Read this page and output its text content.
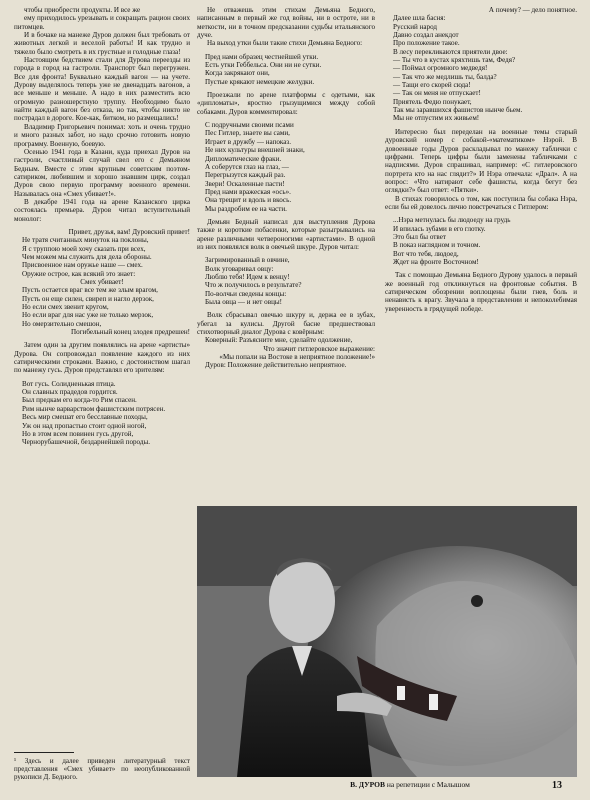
чтобы приобрести продукты. И все же

ему приходилось урезывать и сокращать рацион своих питомцев.

И в бочаке на манеже Дуров должен был требовать от животных легкой и веселой работы! И как трудно и тяжело было смотреть в их грустные и голодные глаза!

Настоящим бедствием стали для Дурова переезды из города в город на гастроли. Транспорт был перегружен. Все для фронта! Буквально каждый вагон — на учете. Дурову выделялось теперь уже не двенадцать вагонов, а все меньше и меньше. А надо в них разместить всю огромную разношерстную труппу. Необходимо было найти каждый вагон без отказа, но так, чтобы никто не пострадал в дороге. Кое-как, битком, но размещались!

Владимир Григорьевич понимал: хоть и очень трудно и много разных забот, но надо срочно готовить новую программу. Военную, боевую.

Осенью 1941 года в Казани, куда приехал Дуров на гастроли, счастливый случай свел его с Демьяном Бедным. Вместе с этим крупным советским поэтом-сатириком, любившим и хорошо знавшим цирк, создал Дуров свою первую программу военного времени. Называлась она «Смех убивает!».

В декабре 1941 года на арене Казанского цирка состоялась премьера. Дуров читал вступительный монолог:

Привет, друзья, вам! Дуровский привет!
Не тратя считанных минуток на поклоны,
Я с труппою моей хочу сказать при всех,
Чем можем мы служить для дела обороны.
Присвоенное нам оружье наше — смех.
Оружие острое, как всякий это знает:
Смех убивает!
Пусть остается враг все тем же злым врагом,
Пусть он еще силен, свиреп и нагло дерзок,
Но если смех звенит кругом,
Но если враг для нас уже не только мерзок,
Но омерзительно смешон,
Погибельный конец злодея предрешен!

Затем один за другим появлялись на арене «артисты» Дурова. Он сопровождал появление каждого из них сатирическими строками. Важно, с достоинством шагал по манежу гусь. Дуров представлял его зрителям:

Вот гусь. Солидненькая птица.
Он славных прадедов гордится.
Был предкам его когда-то Рим спасен.
Рим нынче варварством фашистским потрясен.
Весь мир смешат его бесславные походы,
Уж он над пропастью стоит одной ногой,
Но в этом всем повинен гусь другой,
Чернорубашечной, бездарнейшей породы.
¹ Здесь и далее приведен литературный текст представления «Смех убивает» по неопубликованной рукописи Д. Бедного.

Не отважешь этим стихам Демьяна Бедного, написанным в первый же год войны, ни в остроте, ни в меткости, ни в точном предсказании судьбы итальянского дуче.

На выход утки были такие стихи Демьяна Бедного:

Пред нами образец честнейшей утки.
Есть утки Геббельса. Они ни не сутки.
Когда закрякают они,
Пустые крякают немецкие желудки.

Проезжали по арене платформы с одетыми, как «дипломаты», яростно грызущимися между собой собаками. Дуров комментировал:

С подручными своими псами
Пес Гитлер, знаете вы сами,
Играет в дружбу — напоказ.
Не них культуры внешней знаки,
Дипломатические фраки.
А соберутся глаз на глаз, —
Перегрызутся каждый раз.
Звери! Оскаленные пасти!
Пред нами вражеская «ось».
Она трещит и вдоль и вкось.
Мы раздробим ее на части.

Демьян Бедный написал для выступления Дурова также и короткие побасенки, которые разыгрывались на арене различными четвероногими «артистами». В одной из них появлялся волк в овечьей шкуре. Дуров читал:

Загримированный в овчине,
Волк уговаривал овцу:
Люблю тебя! Идем к венцу!
Что ж получилось в результате?
По-волчьи сведены концы:
Была овца — и нет овцы!

Волк сбрасывал овечью шкуру и, держа ее в зубах, убегал за кулисы. Другой басне предшествовал стихотворный диалог Дурова с ковёрным:

Коверный: Разъясните мне, сделайте одолжение,
Что значит гитлеровское выражение:
«Мы попали на Востоке в неприятное положение!»
Дуров: Положение действительно неприятное.
А почему? — дело понятное.
Далее шла басня:
Русский народ
Давно создал анекдот
Про положение такое.
В лесу перекликаются приятели двое:
— Ты что в кустах кряхтишь там, Федя?
— Поймал огромного медведя!
— Так что же медлишь ты, балда?
— Тащи его скорей сюда!
— Так он меня не отпускает!
Приятель Федю понукает,
Так мы заравшихся фашистов нынче бьем.
Мы не отпустим их живьем!

Интересно был переделан на военные темы старый дуровский номер с собакой-«математиком» Нэрой. В довоенные годы Дуров раскладывал по манежу таблички с цифрами. Теперь цифры были заменены табличками с надписями. Дуров спрашивал, например: «С гитлеровского портрета кто на нас глядит?» И Нэра отвечала: «Драл». А на вопрос: «Что натирают себе фашисты, когда бегут без оглядки?» был ответ: «Пятки».

В стихах говорилось о том, как поступила бы собака Нэра, если бы ей довелось лично повстречаться с Гитлером:

...Нэра метнулась бы людоеду на грудь
И впилась зубами в его глотку.
Это был бы ответ
В показ наглядном и точном.
Вот что тебя, людоед,
Ждет на фронте Восточном!

Так с помощью Демьяна Бедного Дурову удалось в первый же военный год откликнуться на фронтовые события. В сатирическом обозрении воплощены были гнев, боль и ненависть к врагу. Звучала в представлении и непоколебимая уверенность в грядущей победе.

В. ДУРОВ на репетиции с Малышом	13
